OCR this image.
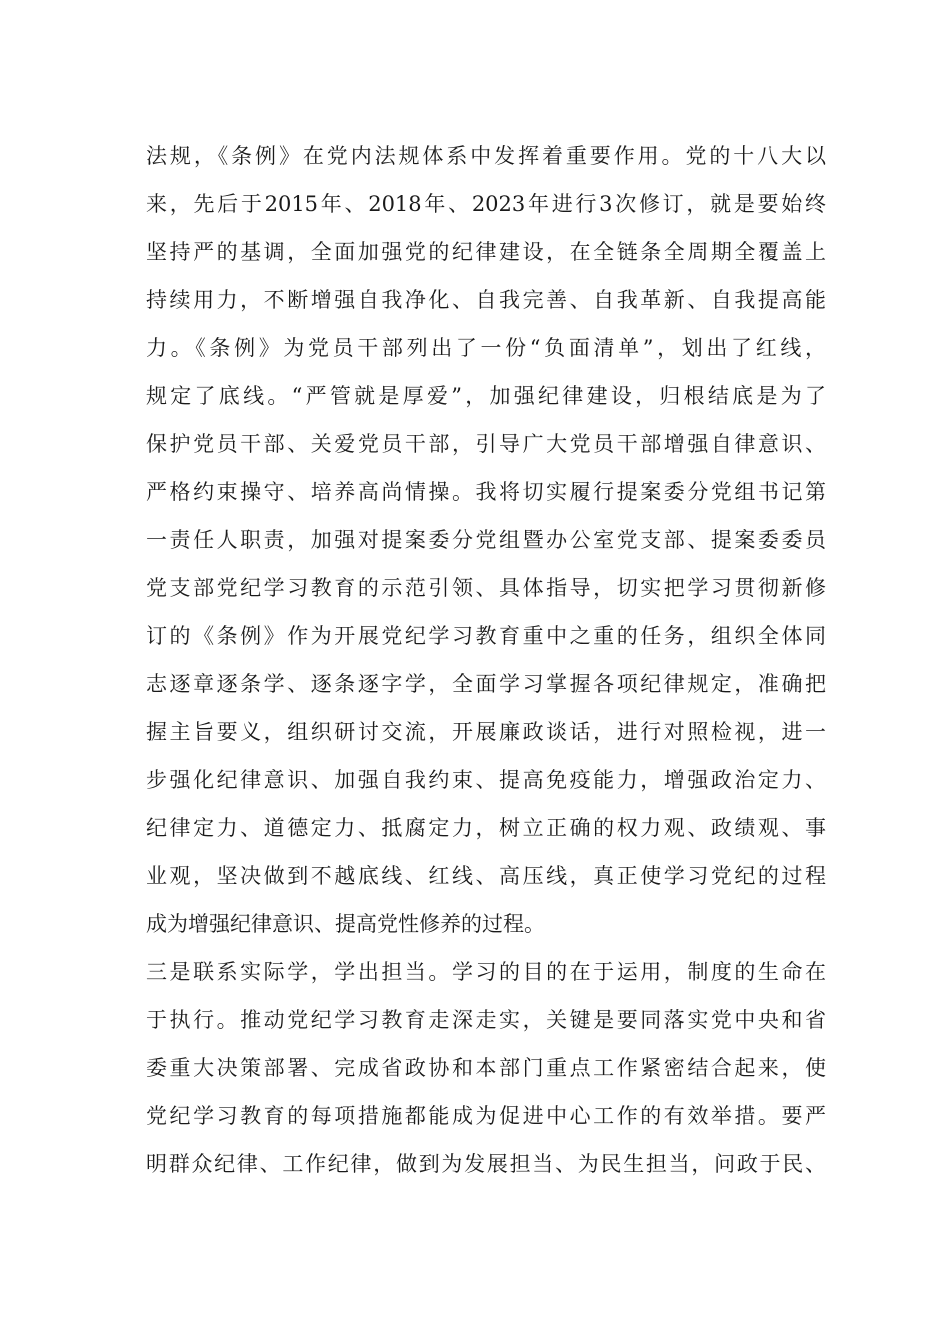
法规，《条例》在党内法规体系中发挥着重要作用。党的十八大以
来，先后于2015年、2018年、2023年进行3次修订，就是要始终
坚持严的基调，全面加强党的纪律建设，在全链条全周期全覆盖上
持续用力，不断增强自我净化、自我完善、自我革新、自我提高能
力。《条例》为党员干部列出了一份“负面清单”，划出了红线，
规定了底线。“严管就是厚爱”，加强纪律建设，归根结底是为了
保护党员干部、关爱党员干部，引导广大党员干部增强自律意识、
严格约束操守、培养高尚情操。我将切实履行提案委分党组书记第
一责任人职责，加强对提案委分党组暨办公室党支部、提案委委员
党支部党纪学习教育的示范引领、具体指导，切实把学习贯彻新修
订的《条例》作为开展党纪学习教育重中之重的任务，组织全体同
志逐章逐条学、逐条逐字学，全面学习掌握各项纪律规定，准确把
握主旨要义，组织研讨交流，开展廉政谈话，进行对照检视，进一
步强化纪律意识、加强自我约束、提高免疫能力，增强政治定力、
纪律定力、道德定力、抵腐定力，树立正确的权力观、政绩观、事
业观，坚决做到不越底线、红线、高压线，真正使学习党纪的过程
成为增强纪律意识、提高党性修养的过程。
三是联系实际学，学出担当。学习的目的在于运用，制度的生命在
于执行。推动党纪学习教育走深走实，关键是要同落实党中央和省
委重大决策部署、完成省政协和本部门重点工作紧密结合起来，使
党纪学习教育的每项措施都能成为促进中心工作的有效举措。要严
明群众纪律、工作纪律，做到为发展担当、为民生担当，问政于民、
